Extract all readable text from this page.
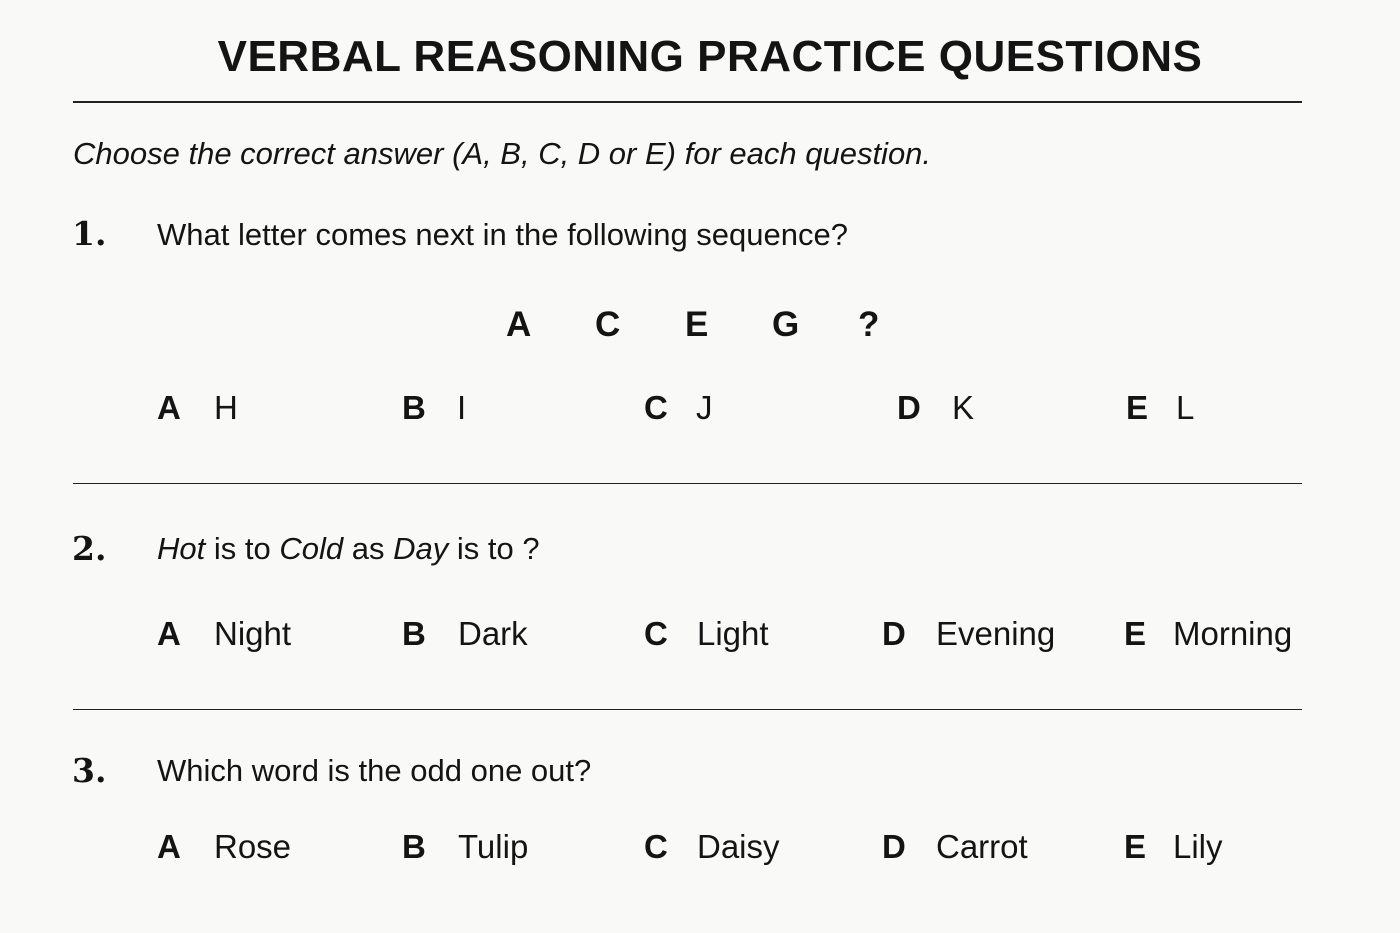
VERBAL REASONING PRACTICE QUESTIONS
Choose the correct answer (A, B, C, D or E) for each question.
1. What letter comes next in the following sequence?
A C E G ?
A H	B I	C J	D K	E L
2. Hot is to Cold as Day is to ?
A Night	B Dark	C Light	D Evening E Morning
3. Which word is the odd one out?
A Rose	B Tulip	C Daisy	D Carrot	E Lily
